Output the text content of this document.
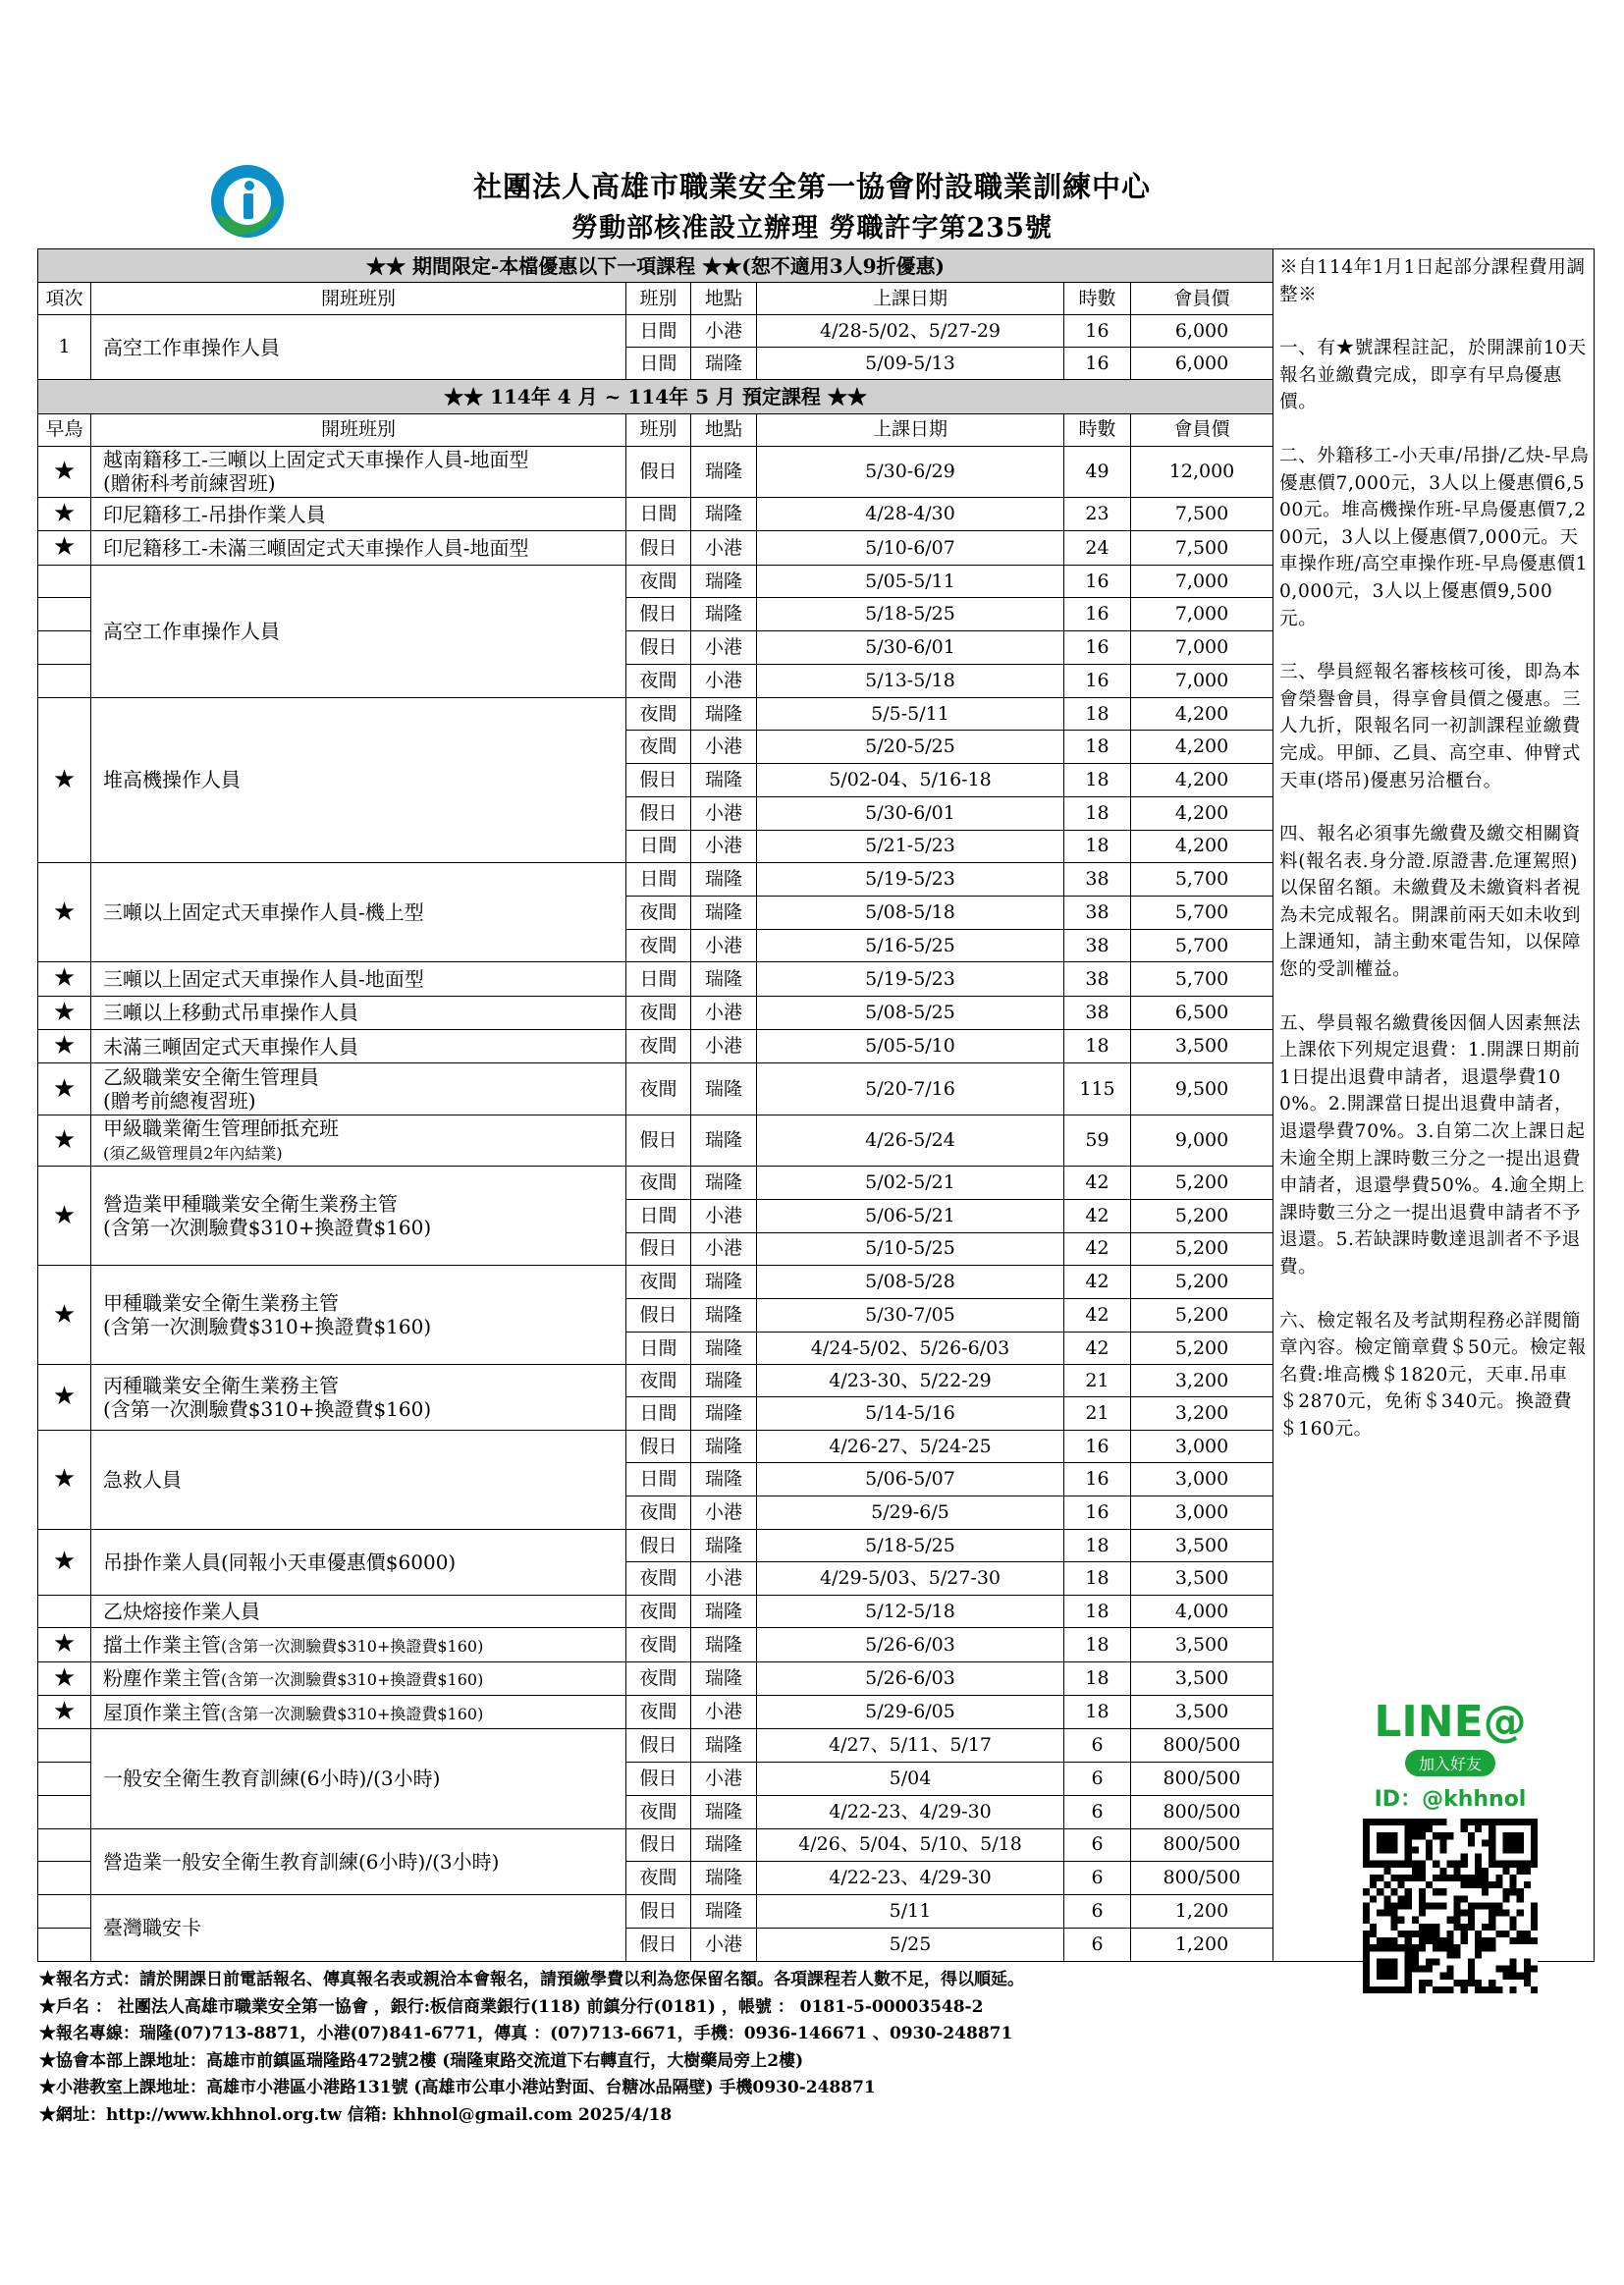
社團法人高雄市職業安全第一協會附設職業訓練中心
勞動部核准設立辦理 勞職許字第235號
★★ 期間限定-本檔優惠以下一項課程 ★★(恕不適用3人9折優惠)						
項次	開班班別	班別	地點	上課日期	時數	會員價
1	高空工作車操作人員	日間	小港	4/28-5/02、5/27-29	16	6,000
		日間	瑞隆	5/09-5/13	16	6,000
★★ 114年 4 月 ~ 114年 5 月 預定課程 ★★						
早鳥	開班班別	班別	地點	上課日期	時數	會員價
★	越南籍移工-三噸以上固定式天車操作人員-地面型
(贈術科考前練習班)	假日	瑞隆	5/30-6/29	49	12,000
★	印尼籍移工-吊掛作業人員	日間	瑞隆	4/28-4/30	23	7,500
★	印尼籍移工-未滿三噸固定式天車操作人員-地面型	假日	小港	5/10-6/07	24	7,500
	高空工作車操作人員	夜間	瑞隆	5/05-5/11	16	7,000
		假日	瑞隆	5/18-5/25	16	7,000
		假日	小港	5/30-6/01	16	7,000
		夜間	小港	5/13-5/18	16	7,000
★	堆高機操作人員	夜間	瑞隆	5/5-5/11	18	4,200
		夜間	小港	5/20-5/25	18	4,200
		假日	瑞隆	5/02-04、5/16-18	18	4,200
		假日	小港	5/30-6/01	18	4,200
		日間	小港	5/21-5/23	18	4,200
★	三噸以上固定式天車操作人員-機上型	日間	瑞隆	5/19-5/23	38	5,700
		夜間	瑞隆	5/08-5/18	38	5,700
		夜間	小港	5/16-5/25	38	5,700
★	三噸以上固定式天車操作人員-地面型	日間	瑞隆	5/19-5/23	38	5,700
★	三噸以上移動式吊車操作人員	夜間	小港	5/08-5/25	38	6,500
★	未滿三噸固定式天車操作人員	夜間	小港	5/05-5/10	18	3,500
★	乙級職業安全衛生管理員
(贈考前總複習班)	夜間	瑞隆	5/20-7/16	115	9,500
★	甲級職業衛生管理師抵充班
(須乙級管理員2年內結業)	假日	瑞隆	4/26-5/24	59	9,000
★	營造業甲種職業安全衛生業務主管
(含第一次測驗費$310+換證費$160)	夜間	瑞隆	5/02-5/21	42	5,200
		日間	小港	5/06-5/21	42	5,200
		假日	小港	5/10-5/25	42	5,200
★	甲種職業安全衛生業務主管
(含第一次測驗費$310+換證費$160)	夜間	瑞隆	5/08-5/28	42	5,200
		假日	瑞隆	5/30-7/05	42	5,200
		日間	瑞隆	4/24-5/02、5/26-6/03	42	5,200
★	丙種職業安全衛生業務主管
(含第一次測驗費$310+換證費$160)	夜間	瑞隆	4/23-30、5/22-29	21	3,200
		日間	瑞隆	5/14-5/16	21	3,200
★	急救人員	假日	瑞隆	4/26-27、5/24-25	16	3,000
		日間	瑞隆	5/06-5/07	16	3,000
		夜間	小港	5/29-6/5	16	3,000
★	吊掛作業人員(同報小天車優惠價$6000)	假日	瑞隆	5/18-5/25	18	3,500
		夜間	小港	4/29-5/03、5/27-30	18	3,500
	乙炔熔接作業人員	夜間	瑞隆	5/12-5/18	18	4,000
★	擋土作業主管(含第一次測驗費$310+換證費$160)	夜間	瑞隆	5/26-6/03	18	3,500
★	粉塵作業主管(含第一次測驗費$310+換證費$160)	夜間	瑞隆	5/26-6/03	18	3,500
★	屋頂作業主管(含第一次測驗費$310+換證費$160)	夜間	小港	5/29-6/05	18	3,500
	一般安全衛生教育訓練(6小時)/(3小時)	假日	瑞隆	4/27、5/11、5/17	6	800/500
		假日	小港	5/04	6	800/500
		夜間	瑞隆	4/22-23、4/29-30	6	800/500
	營造業一般安全衛生教育訓練(6小時)/(3小時)	假日	瑞隆	4/26、5/04、5/10、5/18	6	800/500
		夜間	瑞隆	4/22-23、4/29-30	6	800/500
	臺灣職安卡	假日	瑞隆	5/11	6	1,200
		假日	小港	5/25	6	1,200

※自114年1月1日起部分課程費用調整※

一、有★號課程註記，於開課前10天報名並繳費完成，即享有早鳥優惠價。

二、外籍移工-小天車/吊掛/乙炔-早鳥優惠價7,000元，3人以上優惠價6,500元。堆高機操作班-早鳥優惠價7,200元，3人以上優惠價7,000元。天車操作班/高空車操作班-早鳥優惠價10,000元，3人以上優惠價9,500元。

三、學員經報名審核核可後，即為本會榮譽會員，得享會員價之優惠。三人九折，限報名同一初訓課程並繳費完成。甲師、乙員、高空車、伸臂式天車(塔吊)優惠另洽櫃台。

四、報名必須事先繳費及繳交相關資料(報名表.身分證.原證書.危運駕照)以保留名額。未繳費及未繳資料者視為未完成報名。開課前兩天如未收到上課通知，請主動來電告知，以保障您的受訓權益。

五、學員報名繳費後因個人因素無法上課依下列規定退費：1.開課日期前1日提出退費申請者，退還學費100%。2.開課當日提出退費申請者，退還學費70%。3.自第二次上課日起未逾全期上課時數三分之一提出退費申請者，退還學費50%。4.逾全期上課時數三分之一提出退費申請者不予退還。5.若缺課時數達退訓者不予退費。

六、檢定報名及考試期程務必詳閱簡章內容。檢定簡章費＄50元。檢定報名費:堆高機＄1820元，天車.吊車＄2870元，免術＄340元。換證費＄160元。

LINE@
加入好友
ID：@khhnol
★報名方式：請於開課日前電話報名、傳真報名表或親洽本會報名，請預繳學費以利為您保留名額。各項課程若人數不足，得以順延。
★戶名 ： 社團法人高雄市職業安全第一協會 ，銀行:板信商業銀行(118) 前鎮分行(0181) ，帳號 ： 0181-5-00003548-2
★報名專線：瑞隆(07)713-8871，小港(07)841-6771，傳真 ：(07)713-6671，手機：0936-146671 、0930-248871
★協會本部上課地址：高雄市前鎮區瑞隆路472號2樓 (瑞隆東路交流道下右轉直行，大樹藥局旁上2樓)
★小港教室上課地址：高雄市小港區小港路131號 (高雄市公車小港站對面、台糖冰品隔壁) 手機0930-248871
★網址：http://www.khhnol.org.tw 信箱: khhnol@gmail.com 2025/4/18
